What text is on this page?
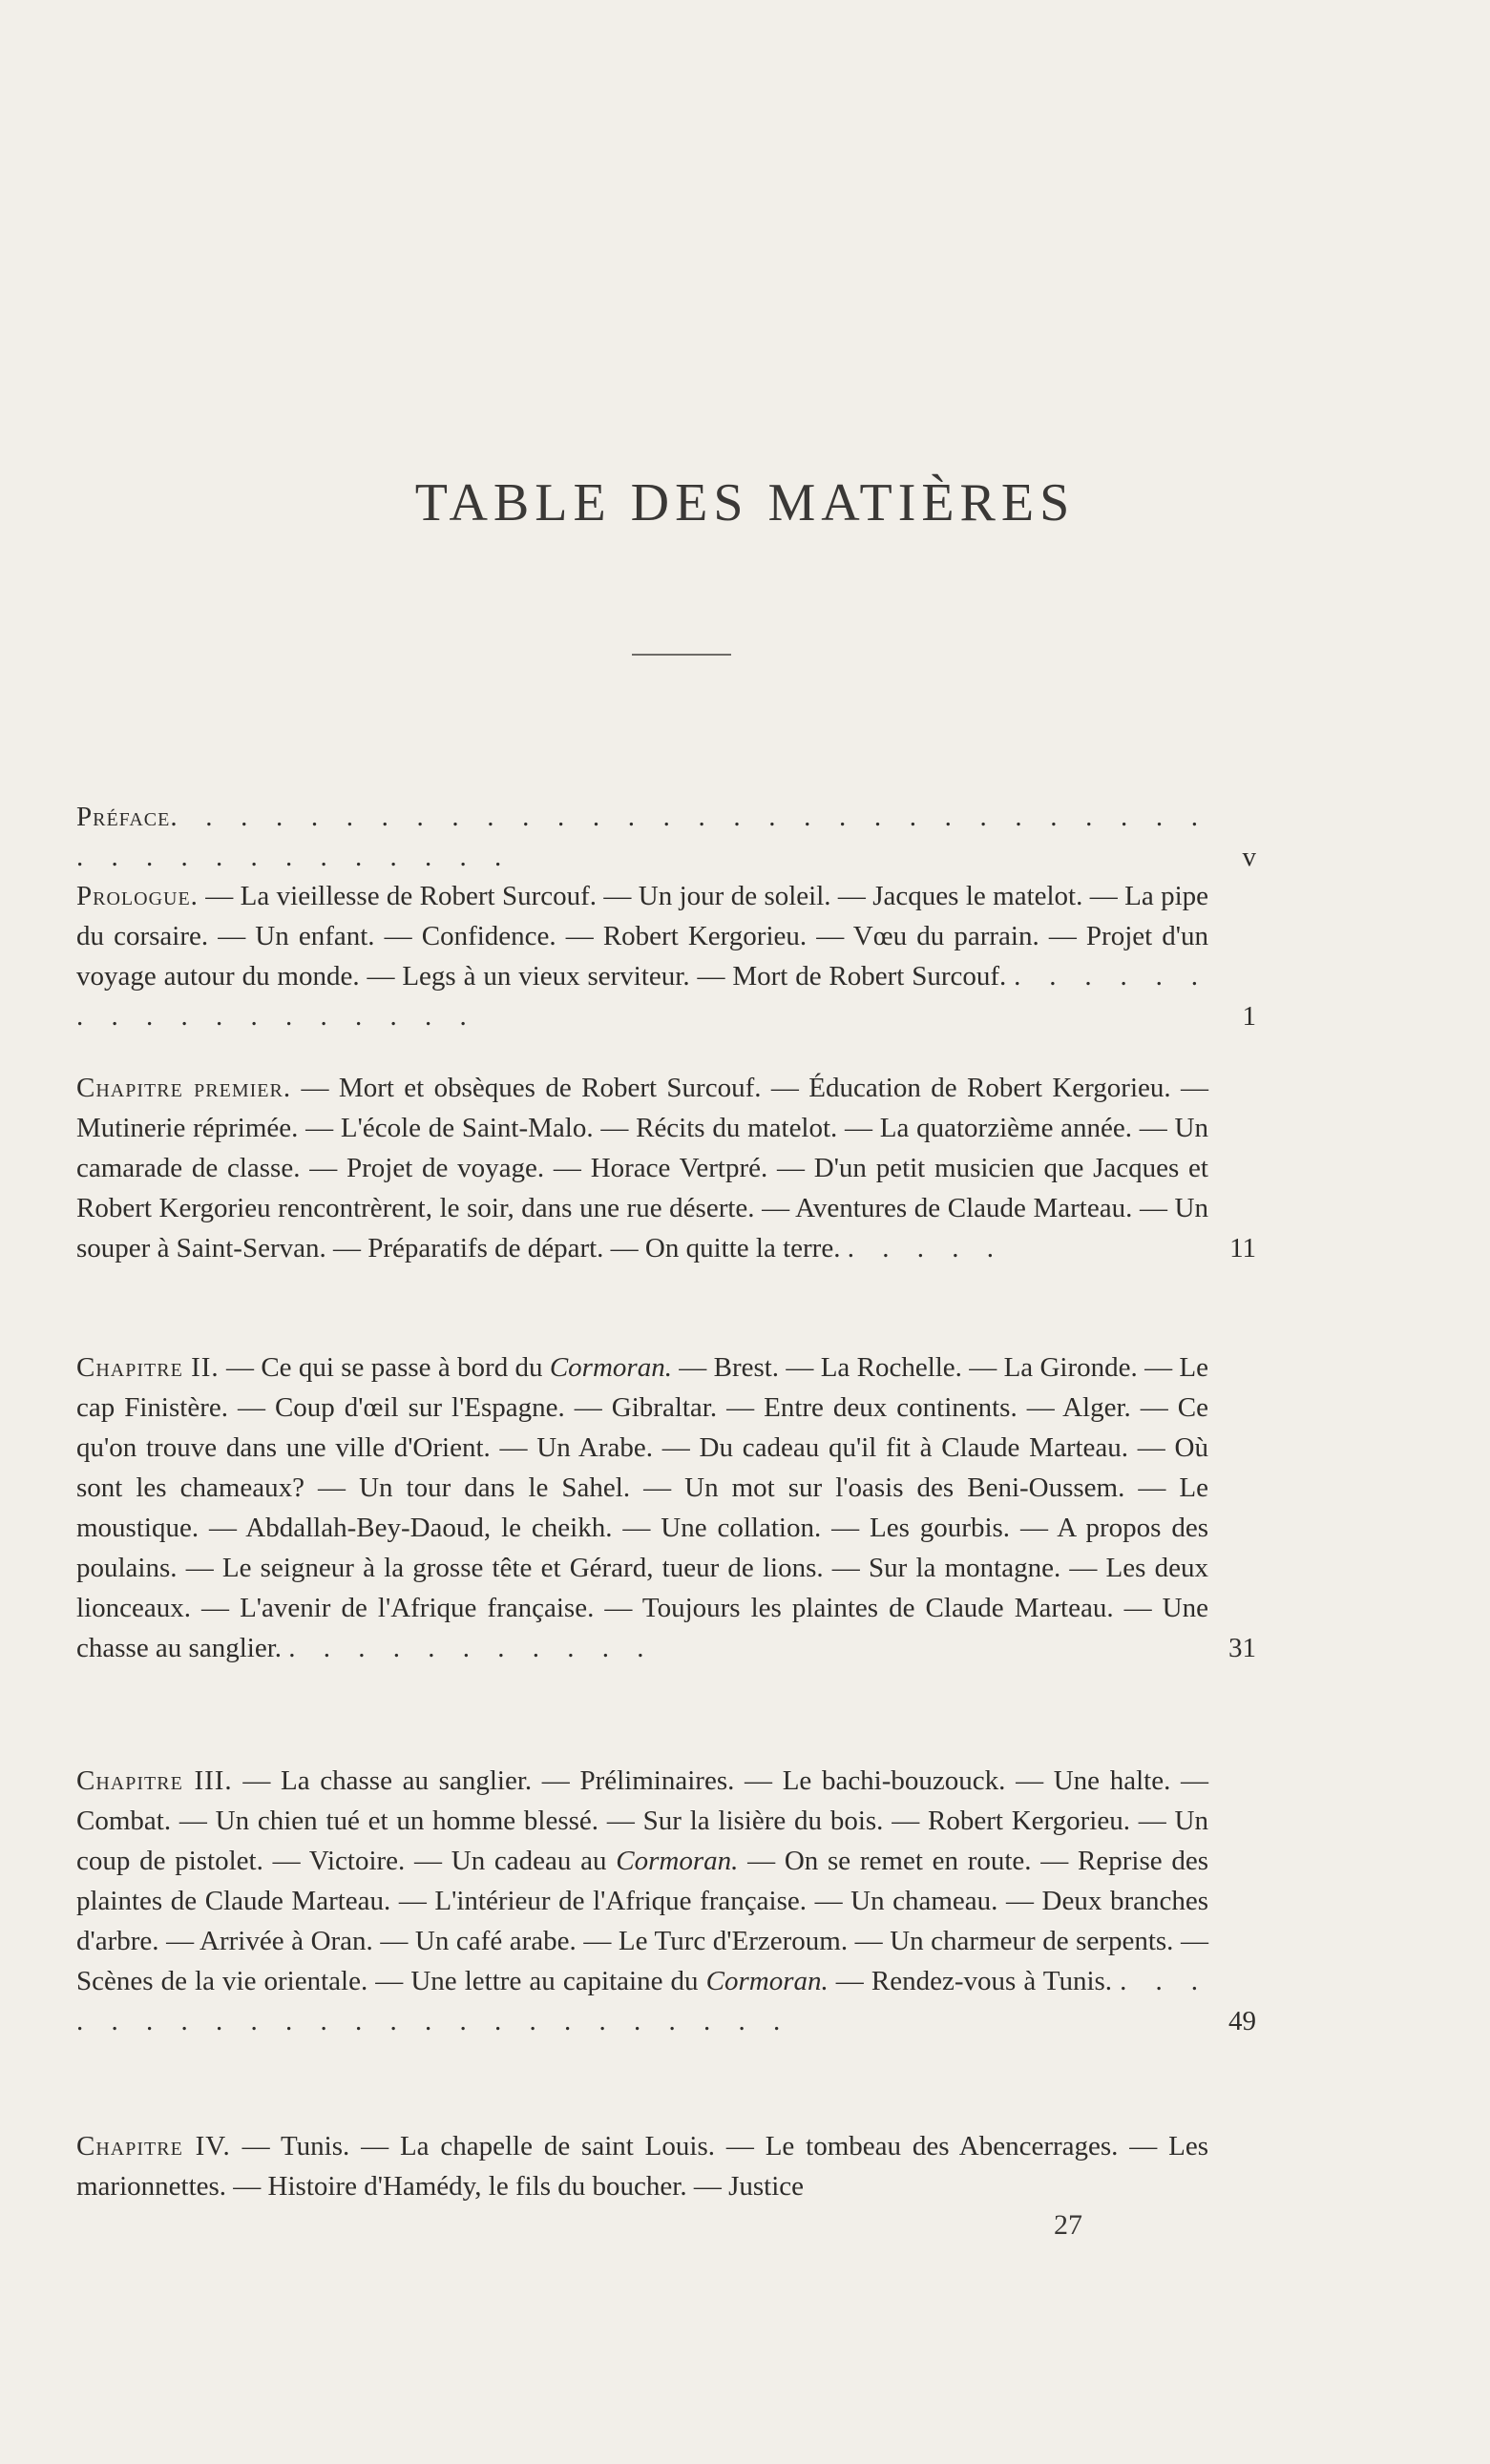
TABLE DES MATIÈRES
Préface. . . . . . . . . . . . . . . . . . . . . . . . . . . . . . . . . . . . . . . . . . .	v
Prologue. — La vieillesse de Robert Surcouf. — Un jour de soleil. — Jacques le matelot. — La pipe du corsaire. — Un enfant. — Confidence. — Robert Kergorieu. — Vœu du parrain. — Projet d'un voyage autour du monde. — Legs à un vieux serviteur. — Mort de Robert Surcouf. . . . . . . . . . . . . . . . . . .	1
Chapitre premier. — Mort et obsèques de Robert Surcouf. — Éducation de Robert Kergorieu. — Mutinerie réprimée. — L'école de Saint-Malo. — Récits du matelot. — La quatorzième année. — Un camarade de classe. — Projet de voyage. — Horace Vertpré. — D'un petit musicien que Jacques et Robert Kergorieu rencontrèrent, le soir, dans une rue déserte. — Aventures de Claude Marteau. — Un souper à Saint-Servan. — Préparatifs de départ. — On quitte la terre. . . . . .	11
Chapitre II. — Ce qui se passe à bord du Cormoran. — Brest. — La Rochelle. — La Gironde. — Le cap Finistère. — Coup d'œil sur l'Espagne. — Gibraltar. — Entre deux continents. — Alger. — Ce qu'on trouve dans une ville d'Orient. — Un Arabe. — Du cadeau qu'il fit à Claude Marteau. — Où sont les chameaux? — Un tour dans le Sahel. — Un mot sur l'oasis des Beni-Oussem. — Le moustique. — Abdallah-Bey-Daoud, le cheikh. — Une collation. — Les gourbis. — A propos des poulains. — Le seigneur à la grosse tête et Gérard, tueur de lions. — Sur la montagne. — Les deux lionceaux. — L'avenir de l'Afrique française. — Toujours les plaintes de Claude Marteau. — Une chasse au sanglier. . . . . . . . . . . .	31
Chapitre III. — La chasse au sanglier. — Préliminaires. — Le bachi-bouzouck. — Une halte. — Combat. — Un chien tué et un homme blessé. — Sur la lisière du bois. — Robert Kergorieu. — Un coup de pistolet. — Victoire. — Un cadeau au Cormoran. — On se remet en route. — Reprise des plaintes de Claude Marteau. — L'intérieur de l'Afrique française. — Un chameau. — Deux branches d'arbre. — Arrivée à Oran. — Un café arabe. — Le Turc d'Erzeroum. — Un charmeur de serpents. — Scènes de la vie orientale. — Une lettre au capitaine du Cormoran. — Rendez-vous à Tunis. . . . . . . . . . . . . . . . . . . . . . . . .	49
Chapitre IV. — Tunis. — La chapelle de saint Louis. — Le tombeau des Abencerrages. — Les marionnettes. — Histoire d'Hamédy, le fils du boucher. — Justice
27
